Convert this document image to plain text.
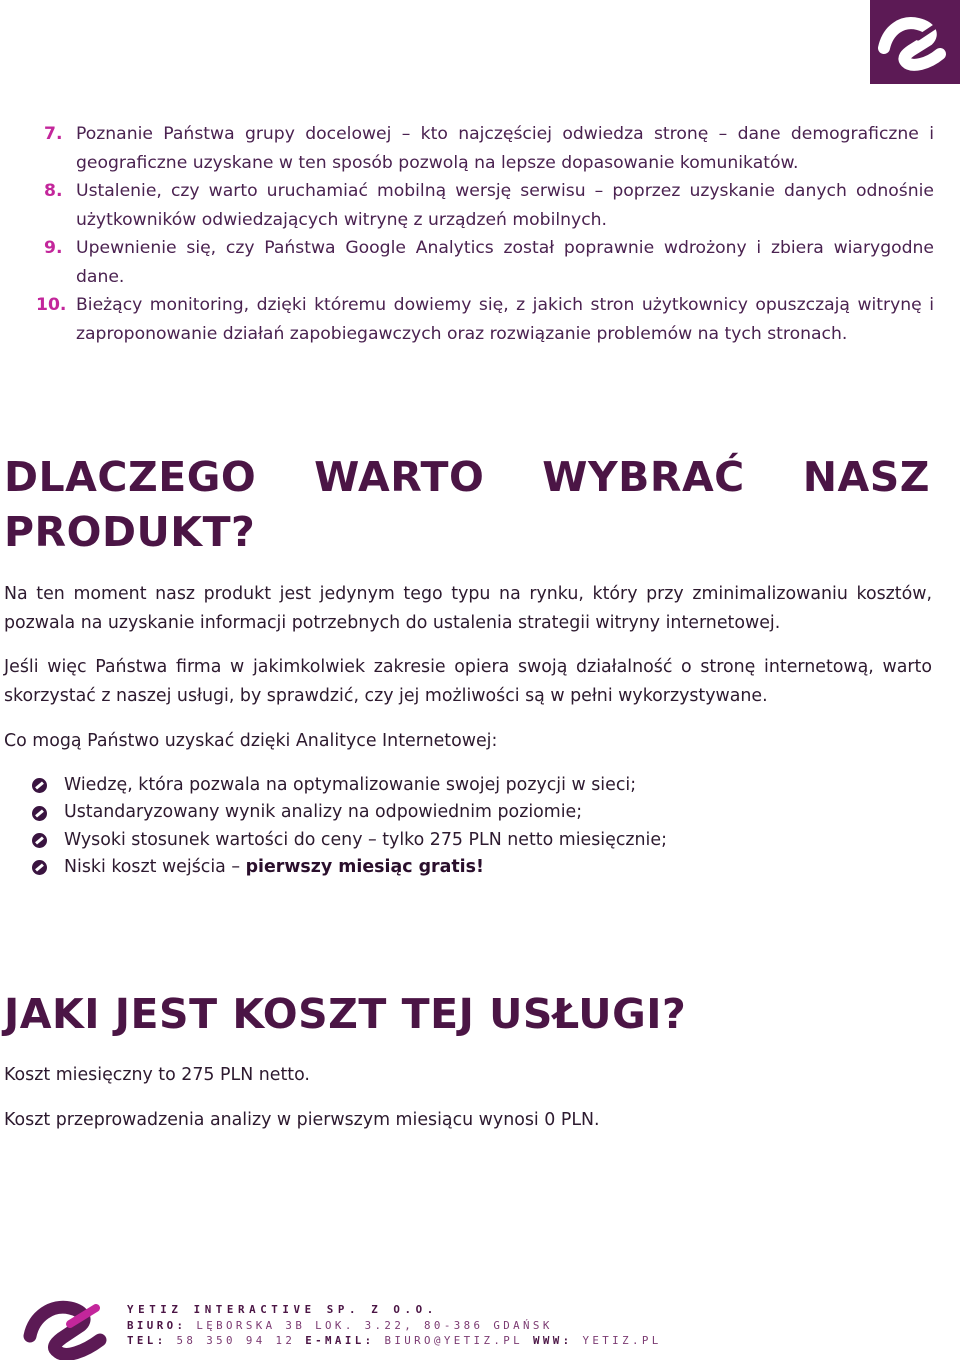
7. Poznanie Państwa grupy docelowej – kto najczęściej odwiedza stronę – dane demograficzne i geograficzne uzyskane w ten sposób pozwolą na lepsze dopasowanie komunikatów.
8. Ustalenie, czy warto uruchamiać mobilną wersję serwisu – poprzez uzyskanie danych odnośnie użytkowników odwiedzających witrynę z urządzeń mobilnych.
9. Upewnienie się, czy Państwa Google Analytics został poprawnie wdrożony i zbiera wiarygodne dane.
10. Bieżący monitoring, dzięki któremu dowiemy się, z jakich stron użytkownicy opuszczają witrynę i zaproponowanie działań zapobiegawczych oraz rozwiązanie problemów na tych stronach.
DLACZEGO WARTO WYBRAĆ NASZ
PRODUKT?

Na ten moment nasz produkt jest jedynym tego typu na rynku, który przy zminimalizowaniu kosztów, pozwala na uzyskanie informacji potrzebnych do ustalenia strategii witryny internetowej.

Jeśli więc Państwa firma w jakimkolwiek zakresie opiera swoją działalność o stronę internetową, warto skorzystać z naszej usługi, by sprawdzić, czy jej możliwości są w pełni wykorzystywane.

Co mogą Państwo uzyskać dzięki Analityce Internetowej:

Wiedzę, która pozwala na optymalizowanie swojej pozycji w sieci;
Ustandaryzowany wynik analizy na odpowiednim poziomie;
Wysoki stosunek wartości do ceny – tylko 275 PLN netto miesięcznie;
Niski koszt wejścia – pierwszy miesiąc gratis!
JAKI JEST KOSZT TEJ USŁUGI?

Koszt miesięczny to 275 PLN netto.

Koszt przeprowadzenia analizy w pierwszym miesiącu wynosi 0 PLN.

YETIZ INTERACTIVE SP. Z O.O.
BIURO: LĘBORSKA 3B LOK. 3.22, 80-386 GDAŃSK
TEL: 58 350 94 12 E-MAIL: BIURO@YETIZ.PL WWW: YETIZ.PL
